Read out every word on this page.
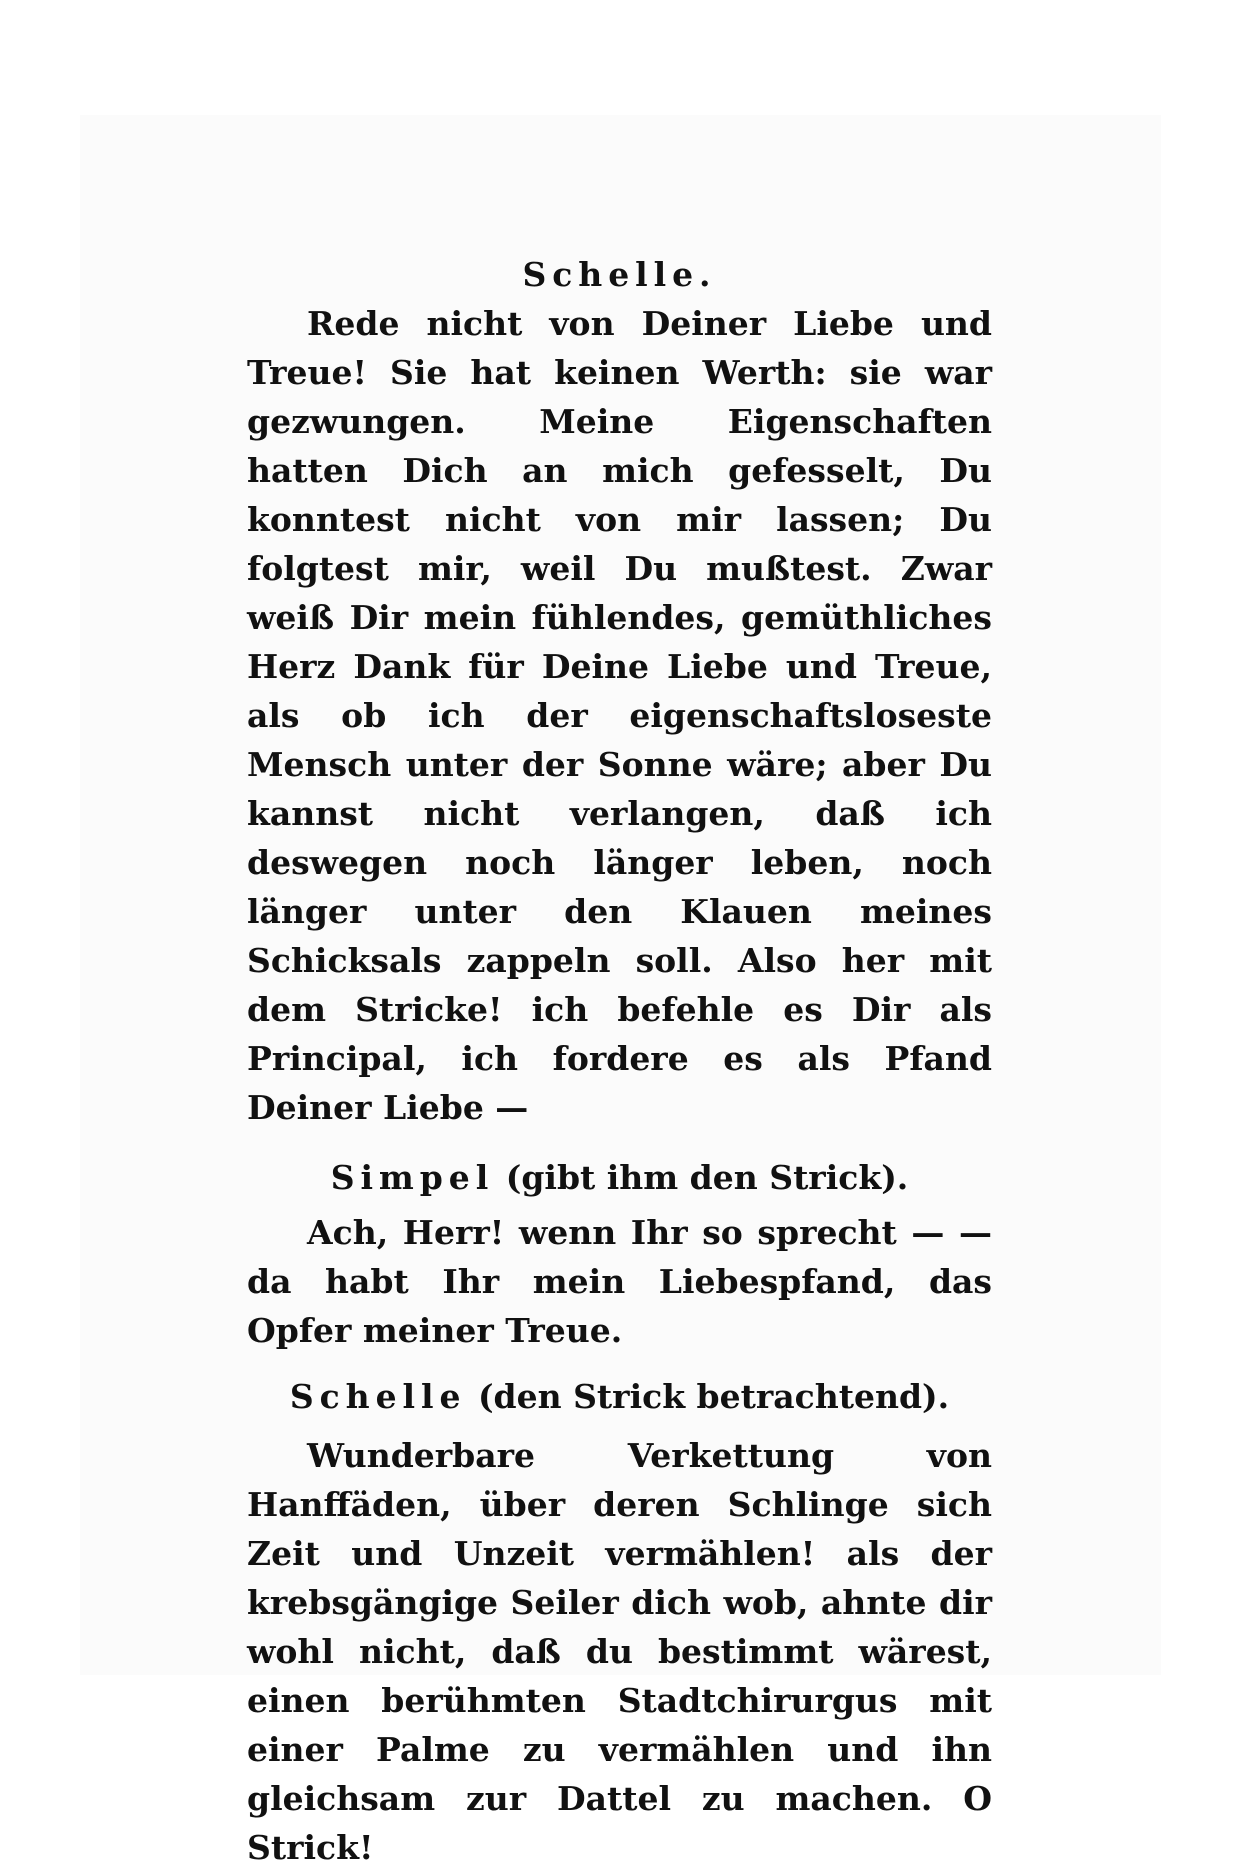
Schelle.

Rede nicht von Deiner Liebe und Treue! Sie hat keinen Werth: sie war gezwungen. Meine Eigenschaften hatten Dich an mich gefesselt, Du konntest nicht von mir lassen; Du folgtest mir, weil Du mußtest. Zwar weiß Dir mein fühlendes, gemüthliches Herz Dank für Deine Liebe und Treue, als ob ich der eigenschaftsloseste Mensch unter der Sonne wäre; aber Du kannst nicht verlangen, daß ich deswegen noch länger leben, noch länger unter den Klauen meines Schicksals zappeln soll. Also her mit dem Stricke! ich befehle es Dir als Principal, ich fordere es als Pfand Deiner Liebe —

Simpel (gibt ihm den Strick).

Ach, Herr! wenn Ihr so sprecht — — da habt Ihr mein Liebespfand, das Opfer meiner Treue.

Schelle (den Strick betrachtend).

Wunderbare Verkettung von Hanffäden, über deren Schlinge sich Zeit und Unzeit vermählen! als der krebsgängige Seiler dich wob, ahnte dir wohl nicht, daß du bestimmt wärest, einen berühmten Stadtchirurgus mit einer Palme zu vermählen und ihn gleichsam zur Dattel zu machen. O Strick!
